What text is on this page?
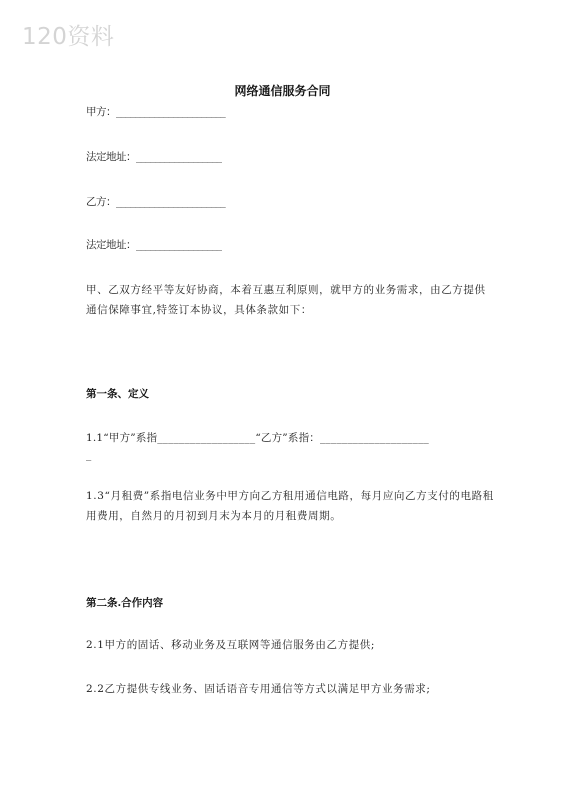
120资料
网络通信服务合同
甲方：_______________________
法定地址：__________________
乙方：_______________________
法定地址：__________________
甲、乙双方经平等友好协商，本着互惠互利原则，就甲方的业务需求，由乙方提供通信保障事宜,特签订本协议，具体条款如下：
第一条、定义
1.1“甲方”系指__________________“乙方”系指：____________________
_
1.3“月租费”系指电信业务中甲方向乙方租用通信电路，每月应向乙方支付的电路租用费用，自然月的月初到月末为本月的月租费周期。
第二条.合作内容
2.1甲方的固话、移动业务及互联网等通信服务由乙方提供;
2.2乙方提供专线业务、固话语音专用通信等方式以满足甲方业务需求;
